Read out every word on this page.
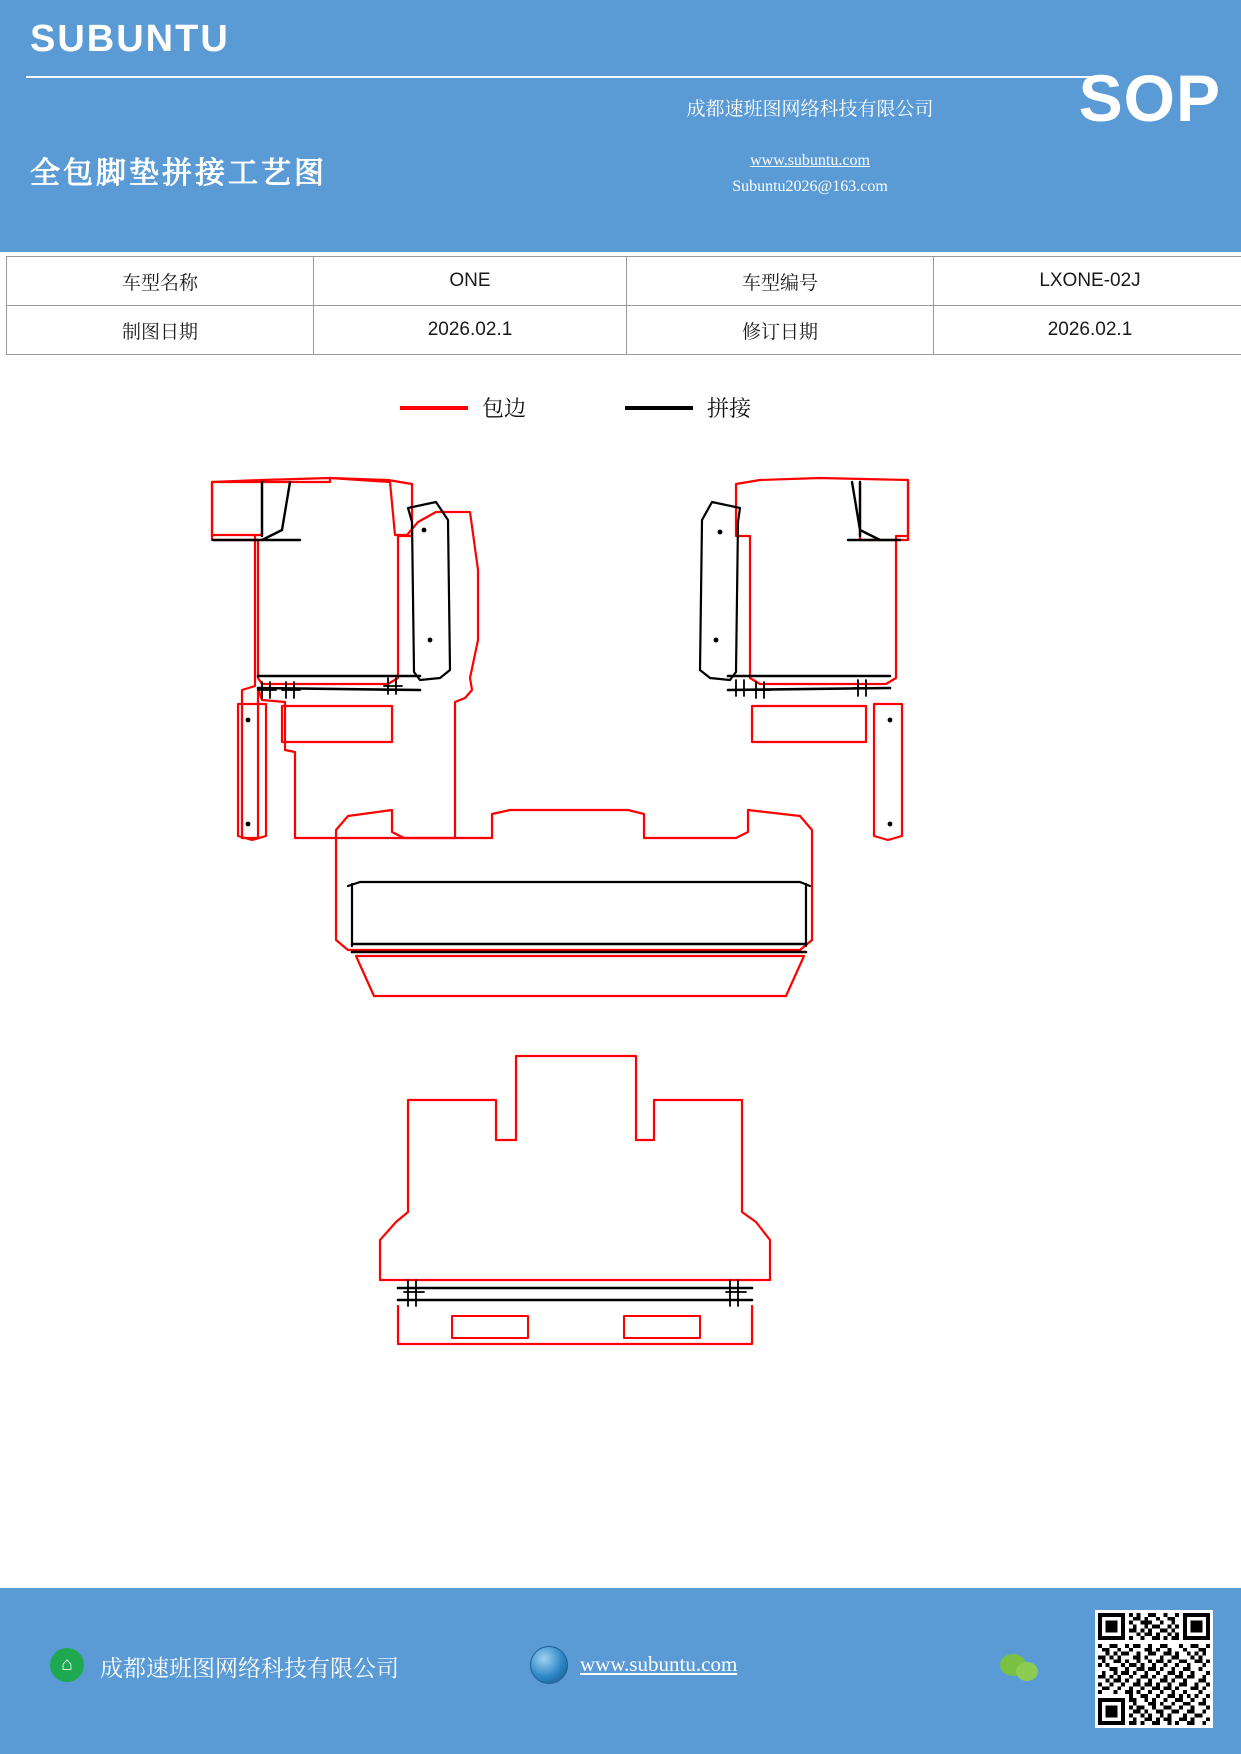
SUBUNTU
全包脚垫拼接工艺图
成都速班图网络科技有限公司
www.subuntu.com
Subuntu2026@163.com
SOP
车型名称	ONE	车型编号	LXONE-02J
制图日期	2026.02.1	修订日期	2026.02.1
包边	拼接
⌂	成都速班图网络科技有限公司	www.subuntu.com
